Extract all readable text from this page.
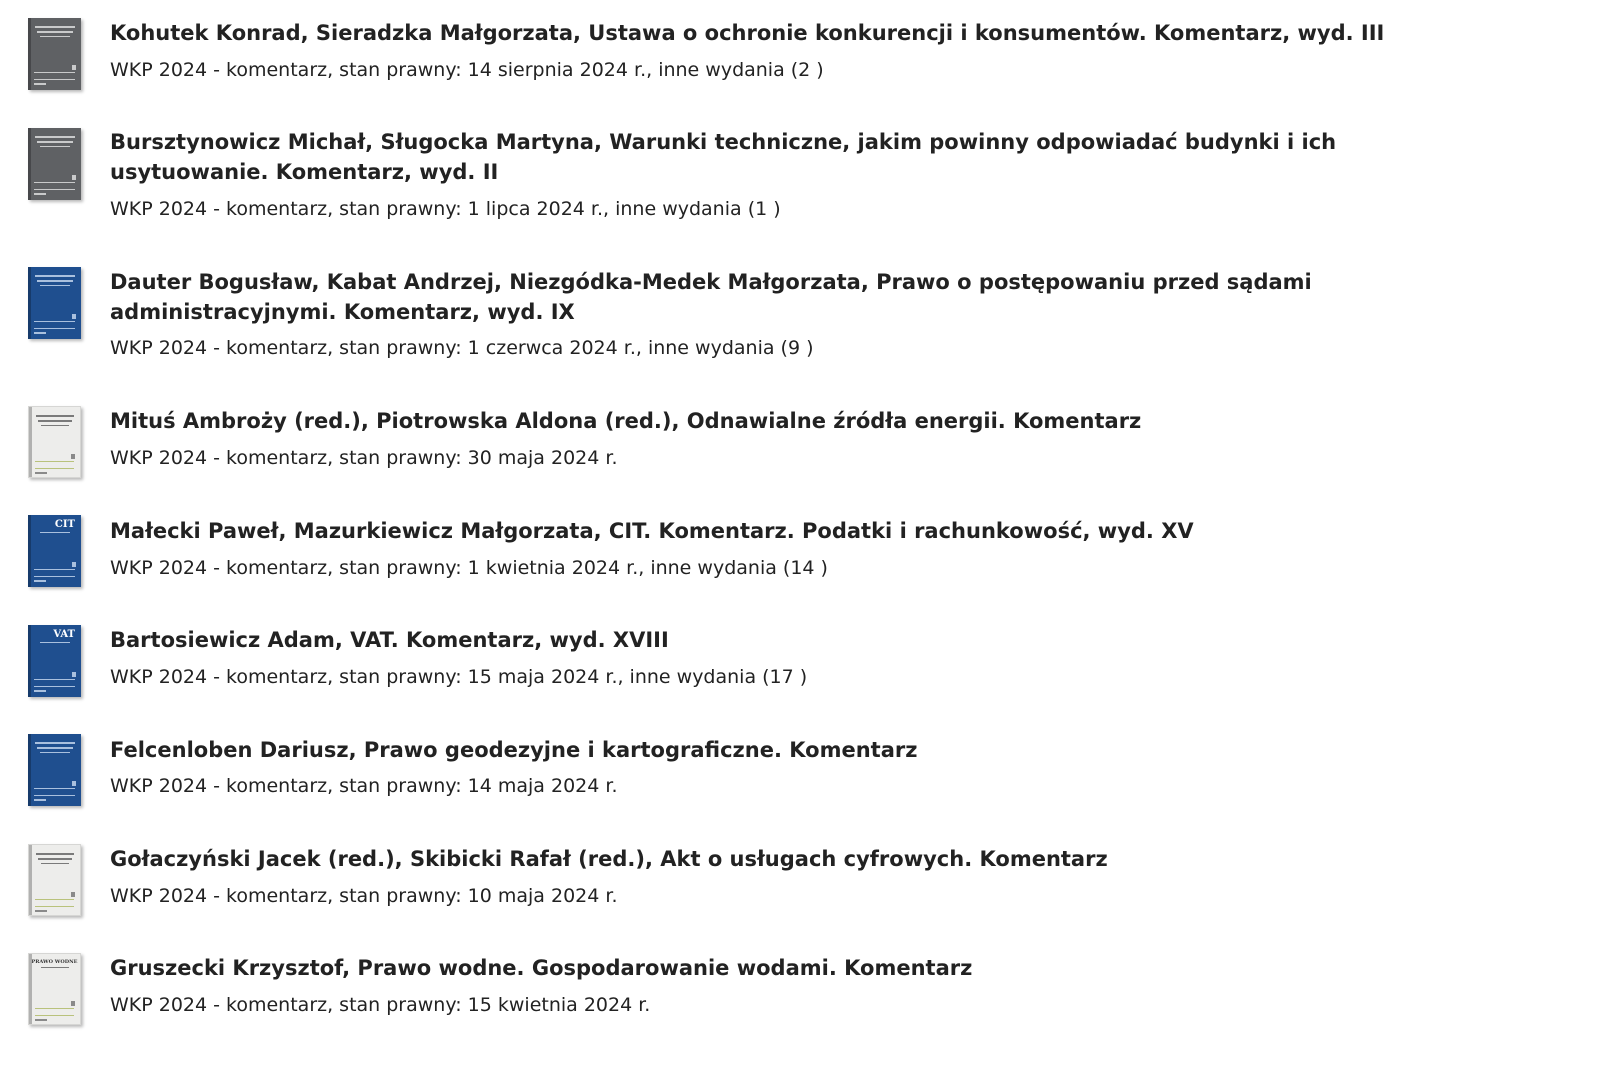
Kohutek Konrad, Sieradzka Małgorzata, Ustawa o ochronie konkurencji i konsumentów. Komentarz, wyd. III

WKP 2024 - komentarz, stan prawny: 14 sierpnia 2024 r., inne wydania (2 )

Bursztynowicz Michał, Sługocka Martyna, Warunki techniczne, jakim powinny odpowiadać budynki i ich usytuowanie. Komentarz, wyd. II

WKP 2024 - komentarz, stan prawny: 1 lipca 2024 r., inne wydania (1 )

Dauter Bogusław, Kabat Andrzej, Niezgódka-Medek Małgorzata, Prawo o postępowaniu przed sądami administracyjnymi. Komentarz, wyd. IX

WKP 2024 - komentarz, stan prawny: 1 czerwca 2024 r., inne wydania (9 )

Mituś Ambroży (red.), Piotrowska Aldona (red.), Odnawialne źródła energii. Komentarz

WKP 2024 - komentarz, stan prawny: 30 maja 2024 r.

CIT Małecki Paweł, Mazurkiewicz Małgorzata, CIT. Komentarz. Podatki i rachunkowość, wyd. XV

WKP 2024 - komentarz, stan prawny: 1 kwietnia 2024 r., inne wydania (14 )

VAT Bartosiewicz Adam, VAT. Komentarz, wyd. XVIII

WKP 2024 - komentarz, stan prawny: 15 maja 2024 r., inne wydania (17 )

Felcenloben Dariusz, Prawo geodezyjne i kartograficzne. Komentarz

WKP 2024 - komentarz, stan prawny: 14 maja 2024 r.

Gołaczyński Jacek (red.), Skibicki Rafał (red.), Akt o usługach cyfrowych. Komentarz

WKP 2024 - komentarz, stan prawny: 10 maja 2024 r.

PRAWO WODNE Gruszecki Krzysztof, Prawo wodne. Gospodarowanie wodami. Komentarz

WKP 2024 - komentarz, stan prawny: 15 kwietnia 2024 r.
